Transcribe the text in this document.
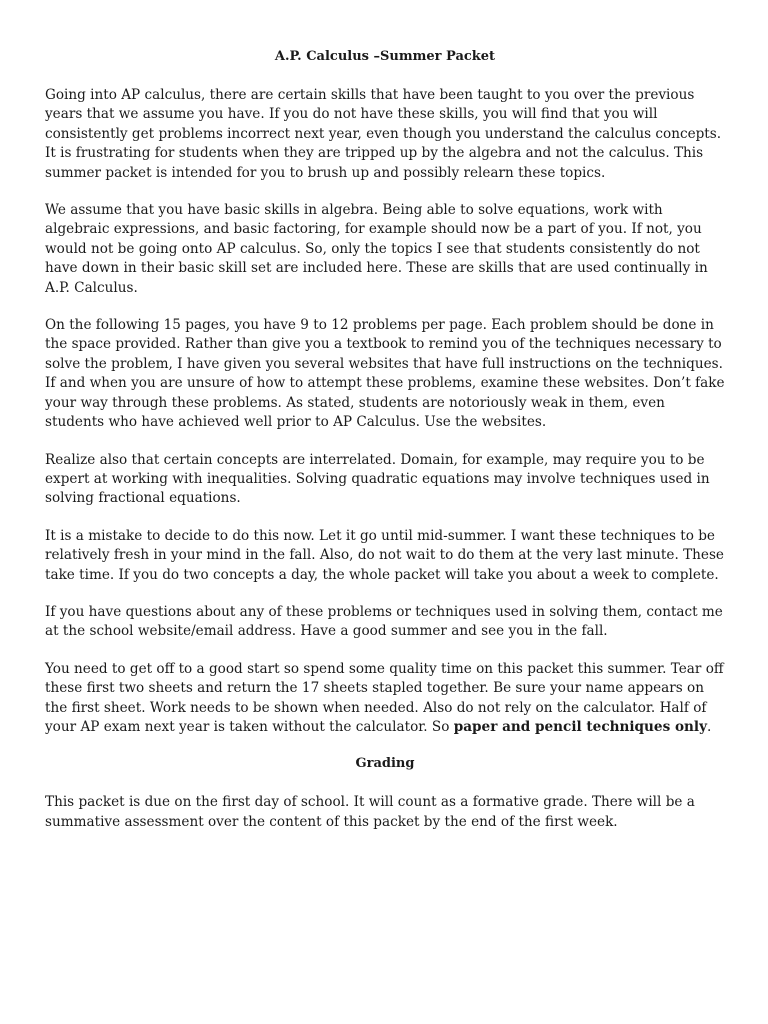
A.P. Calculus –Summer Packet

Going into AP calculus, there are certain skills that have been taught to you over the previous years that we assume you have. If you do not have these skills, you will find that you will consistently get problems incorrect next year, even though you understand the calculus concepts. It is frustrating for students when they are tripped up by the algebra and not the calculus. This summer packet is intended for you to brush up and possibly relearn these topics.

We assume that you have basic skills in algebra. Being able to solve equations, work with algebraic expressions, and basic factoring, for example should now be a part of you. If not, you would not be going onto AP calculus. So, only the topics I see that students consistently do not have down in their basic skill set are included here. These are skills that are used continually in A.P. Calculus.

On the following 15 pages, you have 9 to 12 problems per page. Each problem should be done in the space provided. Rather than give you a textbook to remind you of the techniques necessary to solve the problem, I have given you several websites that have full instructions on the techniques. If and when you are unsure of how to attempt these problems, examine these websites. Don’t fake your way through these problems. As stated, students are notoriously weak in them, even students who have achieved well prior to AP Calculus. Use the websites.

Realize also that certain concepts are interrelated. Domain, for example, may require you to be expert at working with inequalities. Solving quadratic equations may involve techniques used in solving fractional equations.

It is a mistake to decide to do this now. Let it go until mid-summer. I want these techniques to be relatively fresh in your mind in the fall. Also, do not wait to do them at the very last minute. These take time. If you do two concepts a day, the whole packet will take you about a week to complete.

If you have questions about any of these problems or techniques used in solving them, contact me at the school website/email address. Have a good summer and see you in the fall.

You need to get off to a good start so spend some quality time on this packet this summer. Tear off these first two sheets and return the 17 sheets stapled together. Be sure your name appears on the first sheet. Work needs to be shown when needed. Also do not rely on the calculator. Half of your AP exam next year is taken without the calculator. So paper and pencil techniques only.

Grading

This packet is due on the first day of school. It will count as a formative grade. There will be a summative assessment over the content of this packet by the end of the first week.
